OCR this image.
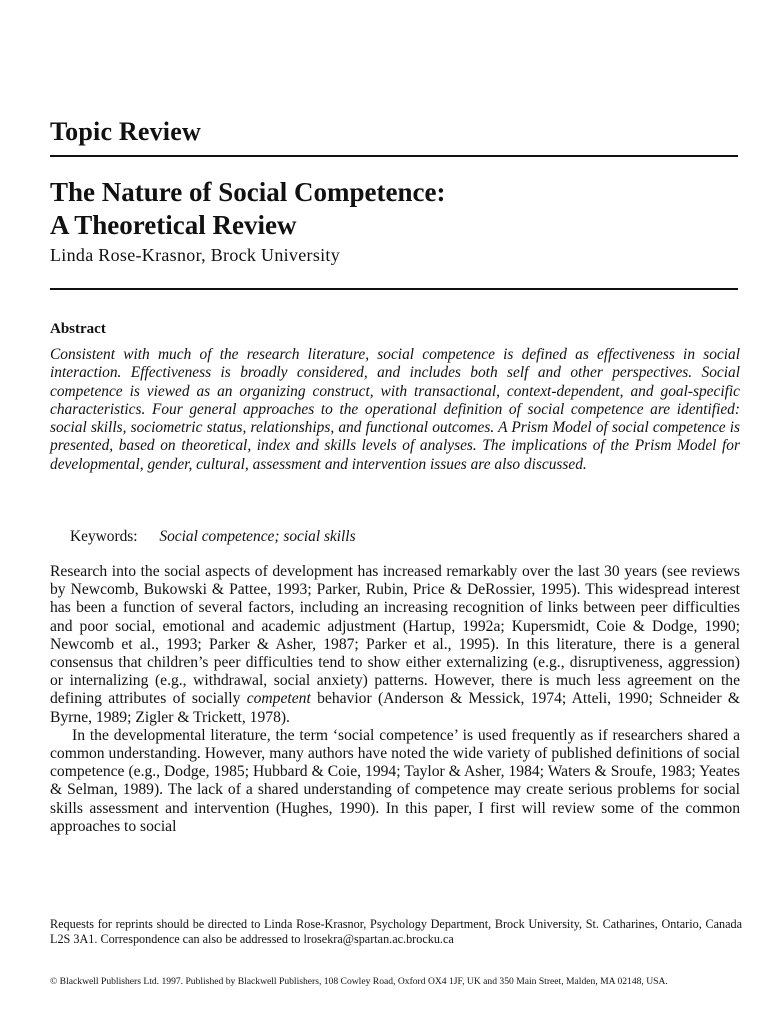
Topic Review
The Nature of Social Competence:
A Theoretical Review
Linda Rose-Krasnor, Brock University
Abstract
Consistent with much of the research literature, social competence is defined as effectiveness in social interaction. Effectiveness is broadly considered, and includes both self and other perspectives. Social competence is viewed as an organizing construct, with transactional, context-dependent, and goal-specific characteristics. Four general approaches to the operational definition of social competence are identified: social skills, sociometric status, relationships, and functional outcomes. A Prism Model of social competence is presented, based on theoretical, index and skills levels of analyses. The implications of the Prism Model for developmental, gender, cultural, assessment and intervention issues are also discussed.
Keywords: Social competence; social skills

Research into the social aspects of development has increased remarkably over the last 30 years (see reviews by Newcomb, Bukowski & Pattee, 1993; Parker, Rubin, Price & DeRossier, 1995). This widespread interest has been a function of several factors, including an increasing recognition of links between peer difficulties and poor social, emotional and academic adjustment (Hartup, 1992a; Kupersmidt, Coie & Dodge, 1990; Newcomb et al., 1993; Parker & Asher, 1987; Parker et al., 1995). In this literature, there is a general consensus that children’s peer difficulties tend to show either externalizing (e.g., disruptiveness, aggression) or internalizing (e.g., withdrawal, social anxiety) patterns. However, there is much less agreement on the defining attributes of socially competent behavior (Anderson & Messick, 1974; Atteli, 1990; Schneider & Byrne, 1989; Zigler & Trickett, 1978).

In the developmental literature, the term ‘social competence’ is used frequently as if researchers shared a common understanding. However, many authors have noted the wide variety of published definitions of social competence (e.g., Dodge, 1985; Hubbard & Coie, 1994; Taylor & Asher, 1984; Waters & Sroufe, 1983; Yeates & Selman, 1989). The lack of a shared understanding of competence may create serious problems for social skills assessment and intervention (Hughes, 1990). In this paper, I first will review some of the common approaches to social

Requests for reprints should be directed to Linda Rose-Krasnor, Psychology Department, Brock University, St. Catharines, Ontario, Canada L2S 3A1. Correspondence can also be addressed to lrosekra@spartan.ac.brocku.ca
© Blackwell Publishers Ltd. 1997. Published by Blackwell Publishers, 108 Cowley Road, Oxford OX4 1JF, UK and 350 Main Street, Malden, MA 02148, USA.
